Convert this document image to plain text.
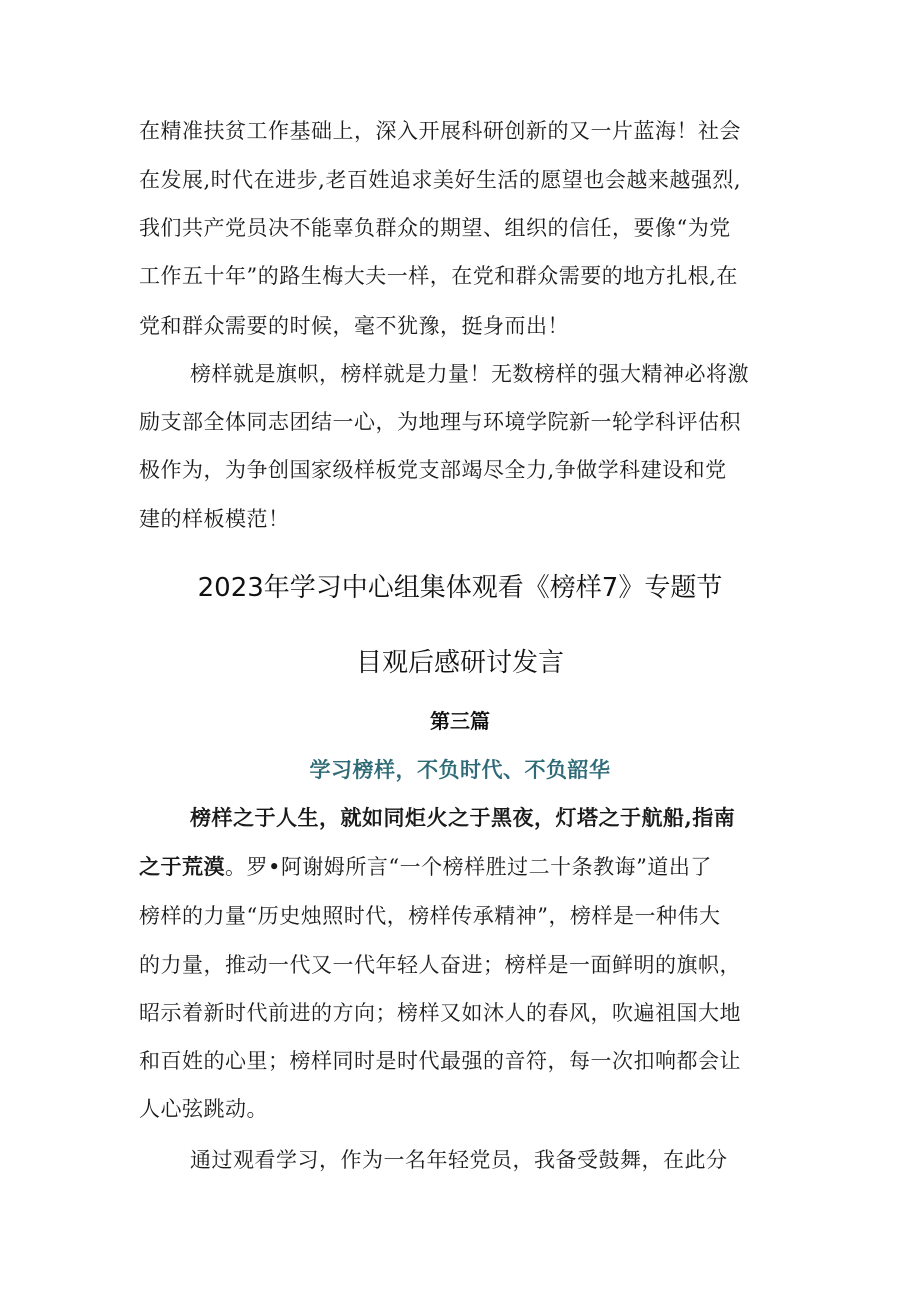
在精准扶贫工作基础上，深入开展科研创新的又一片蓝海！社会
在发展,时代在进步,老百姓追求美好生活的愿望也会越来越强烈,
我们共产党员决不能辜负群众的期望、组织的信任，要像“为党
工作五十年”的路生梅大夫一样，在党和群众需要的地方扎根,在
党和群众需要的时候，毫不犹豫，挺身而出！
榜样就是旗帜，榜样就是力量！无数榜样的强大精神必将激
励支部全体同志团结一心，为地理与环境学院新一轮学科评估积
极作为，为争创国家级样板党支部竭尽全力,争做学科建设和党
建的样板模范！
2023年学习中心组集体观看《榜样7》专题节
目观后感研讨发言
第三篇
学习榜样，不负时代、不负韶华
榜样之于人生，就如同炬火之于黑夜，灯塔之于航船,指南
之于荒漠。罗•阿谢姆所言“一个榜样胜过二十条教诲”道出了
榜样的力量“历史烛照时代，榜样传承精神”，榜样是一种伟大
的力量，推动一代又一代年轻人奋进；榜样是一面鲜明的旗帜，
昭示着新时代前进的方向；榜样又如沐人的春风，吹遍祖国大地
和百姓的心里；榜样同时是时代最强的音符，每一次扣响都会让
人心弦跳动。
通过观看学习，作为一名年轻党员，我备受鼓舞，在此分
